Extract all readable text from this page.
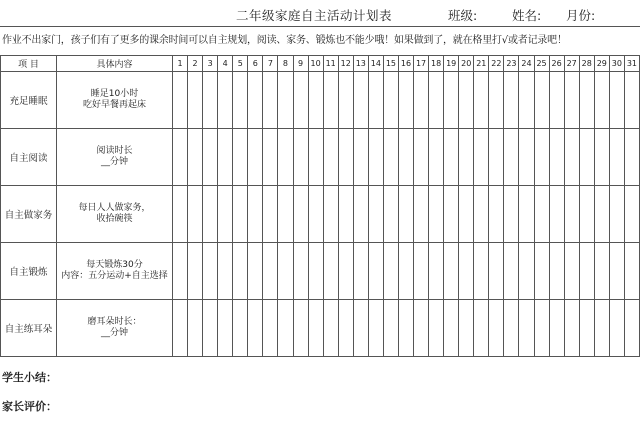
二年级家庭自主活动计划表	班级:	姓名: 月份:
作业不出家门，孩子们有了更多的课余时间可以自主规划，阅读、家务、锻炼也不能少哦！如果做到了，就在格里打√或者记录吧！
项 目	具体内容	1	2	3	4	5	6	7	8	9	10	11	12	13	14	15	16	17	18	19	20	21	22	23	24	25	26	27	28	29	30	31
充足睡眠	睡足10小时
吃好早餐再起床																															

自主阅读	阅读时长
__分钟																															

自主做家务	每日人人做家务，
收拾碗筷																															

自主锻炼	每天锻炼30分
内容：五分运动+自主选择																															

自主练耳朵	磨耳朵时长：
__分钟																															

学生小结：
家长评价：
